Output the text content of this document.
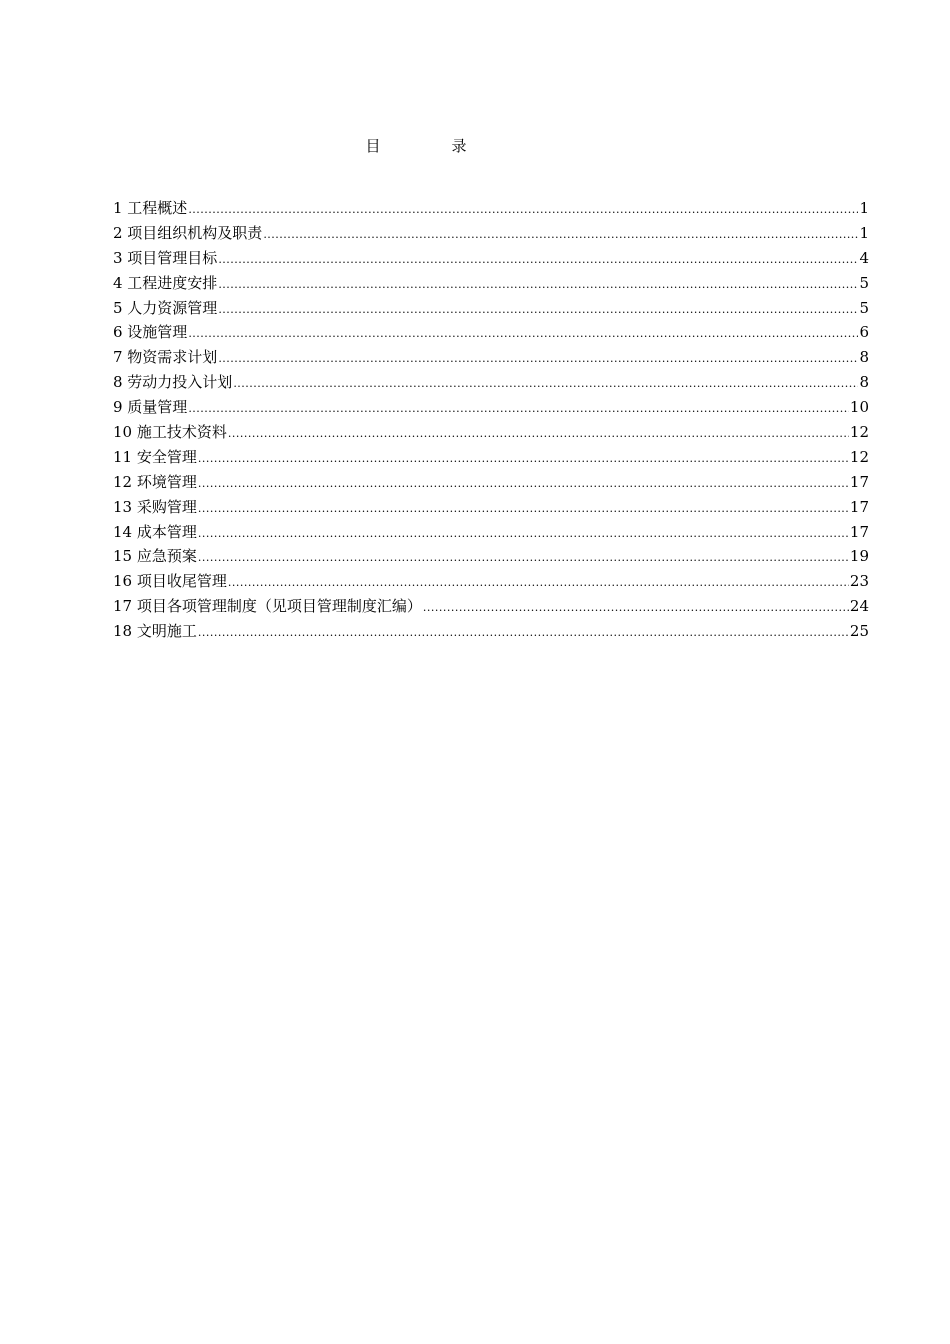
目　录
1 工程概述 .....	1
2 项目组织机构及职责 .....	1
3 项目管理目标 .....	4
4 工程进度安排 .....	5
5 人力资源管理 .....	5
6 设施管理 .....	6
7 物资需求计划 .....	8
8 劳动力投入计划 .....	8
9 质量管理 .....	10
10 施工技术资料 .....	12
11 安全管理 .....	12
12 环境管理 .....	17
13 采购管理 .....	17
14 成本管理 .....	17
15 应急预案 .....	19
16 项目收尾管理 .....	23
17 项目各项管理制度（见项目管理制度汇编） .....	24
18 文明施工 .....	25
